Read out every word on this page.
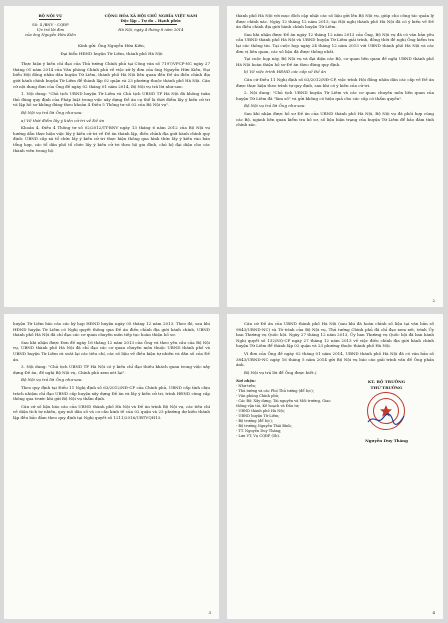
BỘ NỘI VỤ
Số: 4 /BNV - CQĐP
V/v trả lời đơn
của ông Nguyễn Hữu Kiên
CỘNG HÒA XÃ HỘI CHỦ NGHĨA VIỆT NAM
Độc lập – Tự do – Hạnh phúc
Hà Nội, ngày 4 tháng 8 năm 2014
Kính gửi: Ông Nguyễn Hữu Kiên,
Đại biểu HĐND huyện Từ Liêm, thành phố Hà Nội

Thực hiện ý kiến chỉ đạo của Thủ tướng Chính phủ tại Công văn số 7197/VPCP-NC ngày 27 tháng 01 năm 2014 của Văn phòng Chính phủ về việc xử lý đơn của ông Nguyễn Hữu Kiên, Đại biểu Hội đồng nhân dân huyện Từ Liêm, thành phố Hà Nội liên quan đến Đề án điều chỉnh địa giới hành chính huyện Từ Liêm để thành lập 02 quận và 23 phường thuộc thành phố Hà Nội. Căn cứ nội dung đơn của Ông đề ngày 02 tháng 01 năm 2014, Bộ Nội vụ trả lời như sau:

1. Nội dung: "Chủ tịch UBND huyện Từ Liêm và Chủ tịch UBND TP Hà Nội đã không tuân thủ đúng quy định của Pháp luật trong việc xây dựng Đề án cụ thể là thời điểm lấy ý kiến cử tri và lập hồ sơ không đúng theo khoản 4 Điều 5 Thông tư số 02 của Bộ Nội vụ".

Bộ Nội vụ trả lời Ông như sau:

a) Về thời điểm lấy ý kiến cử tri về Đề án

Khoản 4, Điều 4 Thông tư số 02/2012/TT-BNV ngày 13 tháng 6 năm 2012 của Bộ Nội vụ hướng dẫn thực hiện việc lấy ý kiến cử tri về Đề án thành lập, điều chỉnh địa giới hành chính quy định: UBND cấp xã tổ chức lấy ý kiến cử tri thực hiện thông qua hình thức lấy ý kiến vào bản tổng hợp, các tổ dân phố tổ chức lấy ý kiến cử tri theo hộ gia đình, chủ hộ đại diện cho các thành viên trong hộ.

thành phố Hà Nội với mục đích cập nhật các số liệu gửi lên Bộ Nội vụ, giúp cho công tác quản lý được chính xác. Ngày 12 tháng 12 năm 2013, tại Hội nghị thành phố Hà Nội đã có ý kiến về Đề án điều chỉnh địa giới hành chính huyện Từ Liêm.

Sau khi nhận được Đề án ngày 12 tháng 12 năm 2013 của Ông, Bộ Nội vụ đã có văn bản yêu cầu UBND thành phố Hà Nội và UBND huyện Từ Liêm giải trình, đồng thời đề nghị Ông kiểm tra lại các thông tin. Tại cuộc họp ngày 24 tháng 12 năm 2013 với UBND thành phố Hà Nội và các đơn vị liên quan, các số liệu đã được thống nhất.

Tại cuộc họp này, Bộ Nội vụ và đại diện các Bộ, cơ quan liên quan đề nghị UBND thành phố Hà Nội hoàn thiện hồ sơ Đề án theo đúng quy định.

b) Về việc trình HĐND các cấp về Đề án

Căn cứ Điều 11 Nghị định số 63/2012/NĐ-CP, việc trình Hội đồng nhân dân các cấp về Đề án được thực hiện theo trình tự quy định, sau khi có ý kiến của cử tri.

2. Nội dung: "Chủ tịch UBND huyện Từ Liêm và các cơ quan chuyên môn liên quan của huyện Từ Liêm đã "làm số" và gửi không có hiệu quả cho các cấp có thẩm quyền".

Bộ Nội vụ trả lời Ông như sau:

Sau khi nhận được hồ sơ Đề án của UBND thành phố Hà Nội, Bộ Nội vụ đã phối hợp cùng các Bộ, ngành liên quan kiểm tra hồ sơ, số liệu hiện trạng của huyện Từ Liêm để bảo đảm tính chính xác.

2

huyện Từ Liêm báo cáo các kỳ họp HĐND huyện ngày 05 tháng 12 năm 2013. Theo đó, sau khi HĐND huyện Từ Liêm có Nghị quyết thông qua Đề án điều chỉnh địa giới hành chính, UBND thành phố Hà Nội đã chỉ đạo các cơ quan chuyên môn tiếp tục hoàn thiện hồ sơ.

Sau khi nhận được Đơn đề ngày 16 tháng 12 năm 2013 của Ông và theo yêu cầu của Bộ Nội vụ, UBND thành phố Hà Nội đã chỉ đạo các cơ quan chuyên môn thuộc UBND thành phố và UBND huyện Từ Liêm rà soát lại các tiêu chí, các số liệu về điều kiện tự nhiên và dân số của Đề án.

3. Nội dung: "Chủ tịch UBND TP Hà Nội có ý kiến chỉ đạo thiếu khách quan trong việc xây dựng Đề án, đề nghị Bộ Nội vụ, Chính phủ xem xét lại".

Bộ Nội vụ trả lời Ông như sau:

Theo quy định tại Điều 11 Nghị định số 63/2012/NĐ-CP của Chính phủ, UBND cấp tỉnh chịu trách nhiệm chỉ đạo UBND cấp huyện xây dựng Đề án và lấy ý kiến cử tri, trình HĐND cùng cấp thông qua trước khi gửi Bộ Nội vụ thẩm định.

Căn cứ số liệu báo cáo của UBND thành phố Hà Nội và Đề án trình Bộ Nội vụ, các tiêu chí về diện tích tự nhiên, quy mô dân số và cơ cấu kinh tế của 02 quận và 23 phường dự kiến thành lập đều bảo đảm theo quy định tại Nghị quyết số 1211/2016/UBTVQH13.

3

Căn cứ Đề án của UBND thành phố Hà Nội (sau khi đã hoàn chỉnh số liệu tại văn bản số 9843/UBND-NC) và Tờ trình của Bộ Nội vụ, Thủ tướng Chính phủ đã chỉ đạo xem xét, trình Ủy ban Thường vụ Quốc hội. Ngày 27 tháng 12 năm 2013, Ủy ban Thường vụ Quốc hội đã ban hành Nghị quyết số 132/NQ-CP ngày 27 tháng 12 năm 2013 về việc điều chỉnh địa giới hành chính huyện Từ Liêm để thành lập 02 quận và 23 phường thuộc thành phố Hà Nội.

Vì đơn của Ông đề ngày 02 tháng 01 năm 2014, UBND thành phố Hà Nội đã có văn bản số 3843/UBND-NC ngày 16 tháng 5 năm 2014 gửi Bộ Nội vụ báo cáo giải trình vấn đề Ông phản ánh.

Bộ Nội vụ trả lời để Ông được biết./.

Nơi nhận:
- Như trên;
- Thủ tướng và các Phó Thủ tướng (để b/c);
- Văn phòng Chính phủ;
- Các Bộ: Xây dựng, Tài nguyên và Môi trường, Giao thông vận tải, Kế hoạch và Đầu tư;
- UBND thành phố Hà Nội;
- UBND huyện Từ Liêm;
- Bộ trưởng (để b/c);
- Bộ trưởng Nguyễn Thái Bình;
- TT. Nguyễn Duy Thăng;
- Lưu VT, Vụ CQĐP (5b).
KT. BỘ TRƯỞNG
THỨ TRƯỞNG
Nguyễn Duy Thăng
4
